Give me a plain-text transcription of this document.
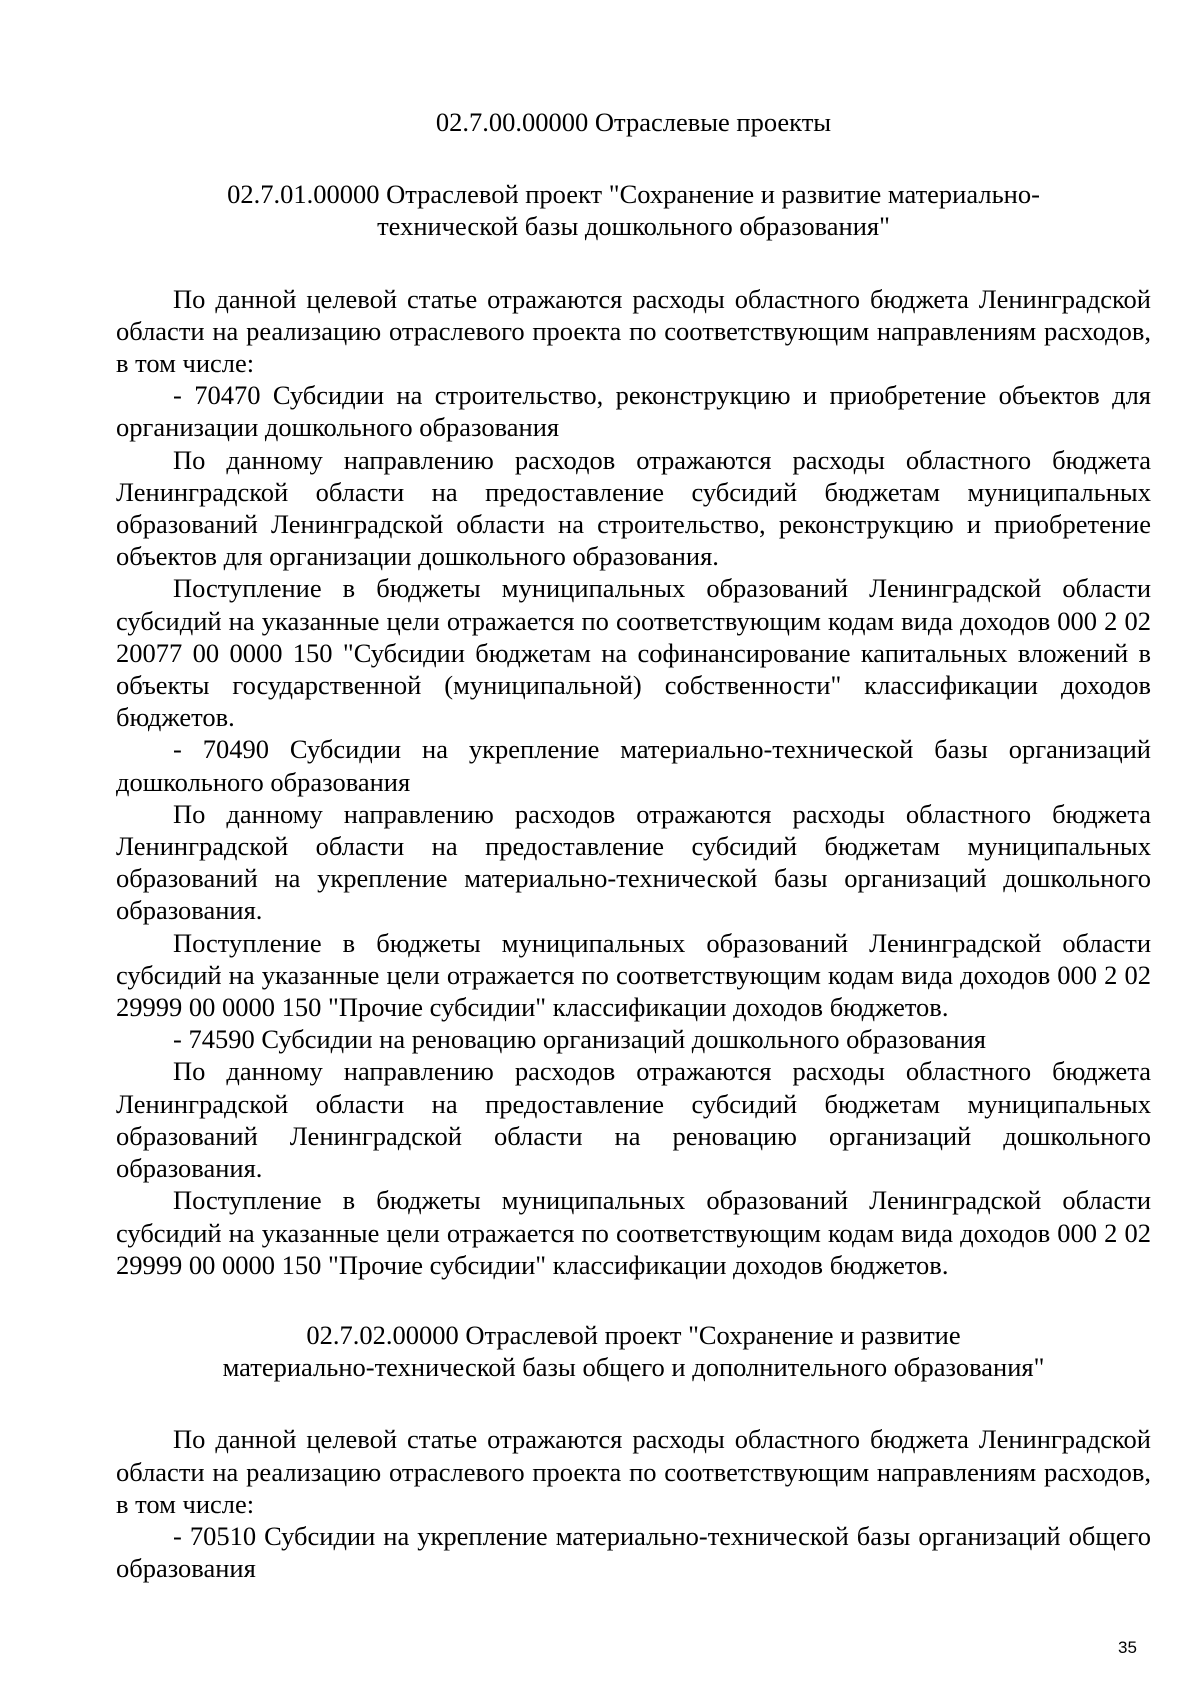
02.7.00.00000 Отраслевые проекты
02.7.01.00000 Отраслевой проект "Сохранение и развитие материально-
технической базы дошкольного образования"

По данной целевой статье отражаются расходы областного бюджета Ленинградской области на реализацию отраслевого проекта по соответствующим направлениям расходов, в том числе:

- 70470 Субсидии на строительство, реконструкцию и приобретение объектов для организации дошкольного образования

По данному направлению расходов отражаются расходы областного бюджета Ленинградской области на предоставление субсидий бюджетам муниципальных образований Ленинградской области на строительство, реконструкцию и приобретение объектов для организации дошкольного образования.

Поступление в бюджеты муниципальных образований Ленинградской области субсидий на указанные цели отражается по соответствующим кодам вида доходов 000 2 02 20077 00 0000 150 "Субсидии бюджетам на софинансирование капитальных вложений в объекты государственной (муниципальной) собственности" классификации доходов бюджетов.

- 70490 Субсидии на укрепление материально-технической базы организаций дошкольного образования

По данному направлению расходов отражаются расходы областного бюджета Ленинградской области на предоставление субсидий бюджетам муниципальных образований на укрепление материально-технической базы организаций дошкольного образования.

Поступление в бюджеты муниципальных образований Ленинградской области субсидий на указанные цели отражается по соответствующим кодам вида доходов 000 2 02 29999 00 0000 150 "Прочие субсидии" классификации доходов бюджетов.

- 74590 Субсидии на реновацию организаций дошкольного образования

По данному направлению расходов отражаются расходы областного бюджета Ленинградской области на предоставление субсидий бюджетам муниципальных образований Ленинградской области на реновацию организаций дошкольного образования.

Поступление в бюджеты муниципальных образований Ленинградской области субсидий на указанные цели отражается по соответствующим кодам вида доходов 000 2 02 29999 00 0000 150 "Прочие субсидии" классификации доходов бюджетов.

02.7.02.00000 Отраслевой проект "Сохранение и развитие
материально-технической базы общего и дополнительного образования"

По данной целевой статье отражаются расходы областного бюджета Ленинградской области на реализацию отраслевого проекта по соответствующим направлениям расходов, в том числе:

- 70510 Субсидии на укрепление материально-технической базы организаций общего образования

35
